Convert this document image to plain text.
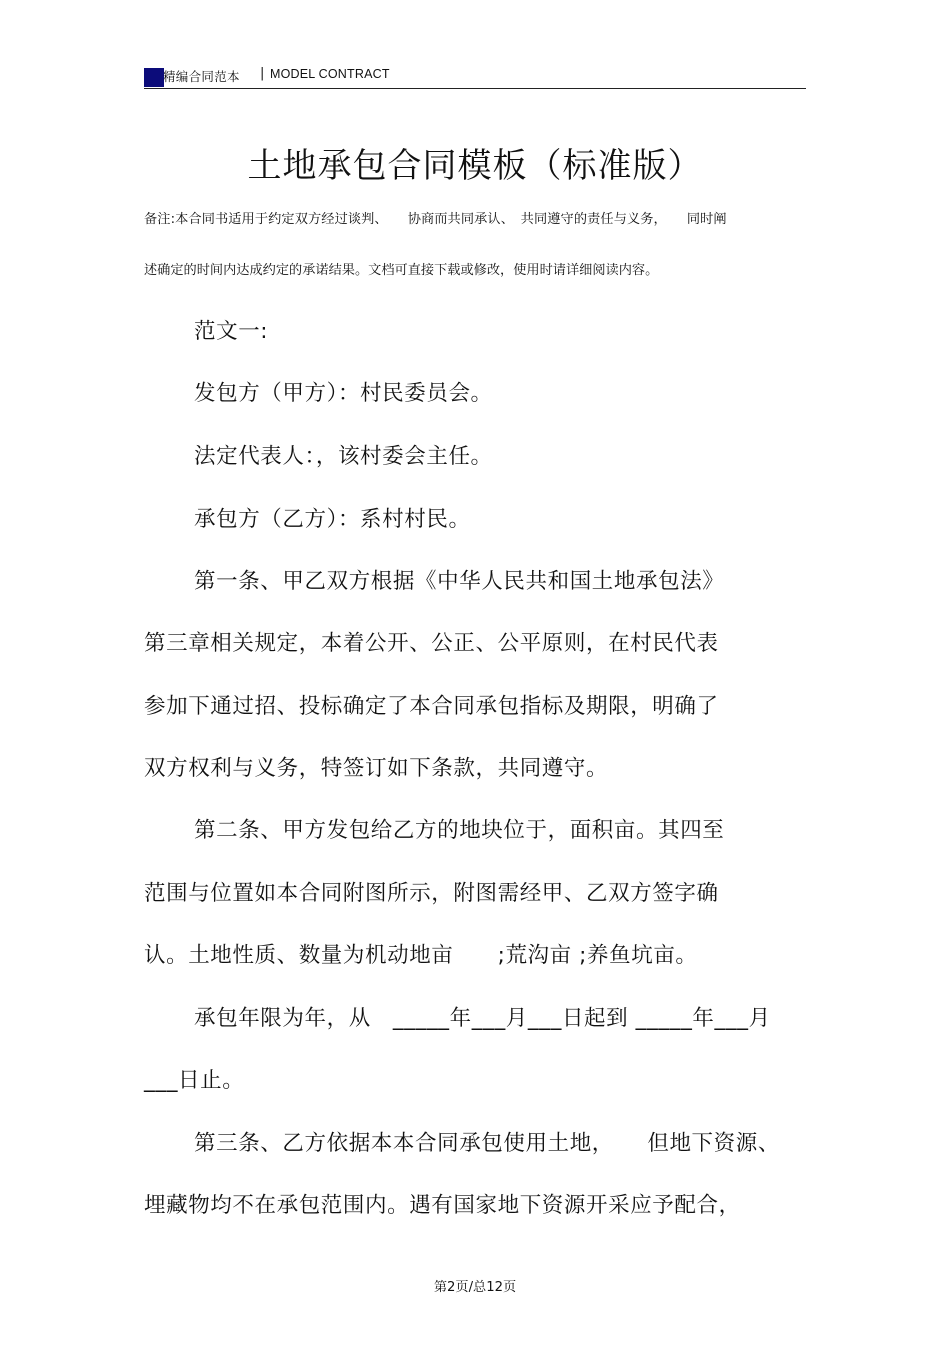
精编合同范本 | MODEL CONTRACT
土地承包合同模板（标准版）
备注:本合同书适用于约定双方经过谈判、　　协商而共同承认、　共同遵守的责任与义务，　　同时阐
述确定的时间内达成约定的承诺结果。文档可直接下载或修改，使用时请详细阅读内容。
范文一:
发包方（甲方）：村民委员会。
法定代表人：，该村委会主任。
承包方（乙方）：系村村民。
第一条、甲乙双方根据《中华人民共和国土地承包法》
第三章相关规定，本着公开、公正、公平原则，在村民代表
参加下通过招、投标确定了本合同承包指标及期限，明确了
双方权利与义务，特签订如下条款，共同遵守。
第二条、甲方发包给乙方的地块位于，面积亩。其四至
范围与位置如本合同附图所示，附图需经甲、乙双方签字确
认。土地性质、数量为机动地亩　　;荒沟亩 ;养鱼坑亩。
承包年限为年，从　_____年___月___日起到 _____年___月
___日止。
第三条、乙方依据本本合同承包使用土地，　　但地下资源、
埋藏物均不在承包范围内。遇有国家地下资源开采应予配合，
第2页/总12页
